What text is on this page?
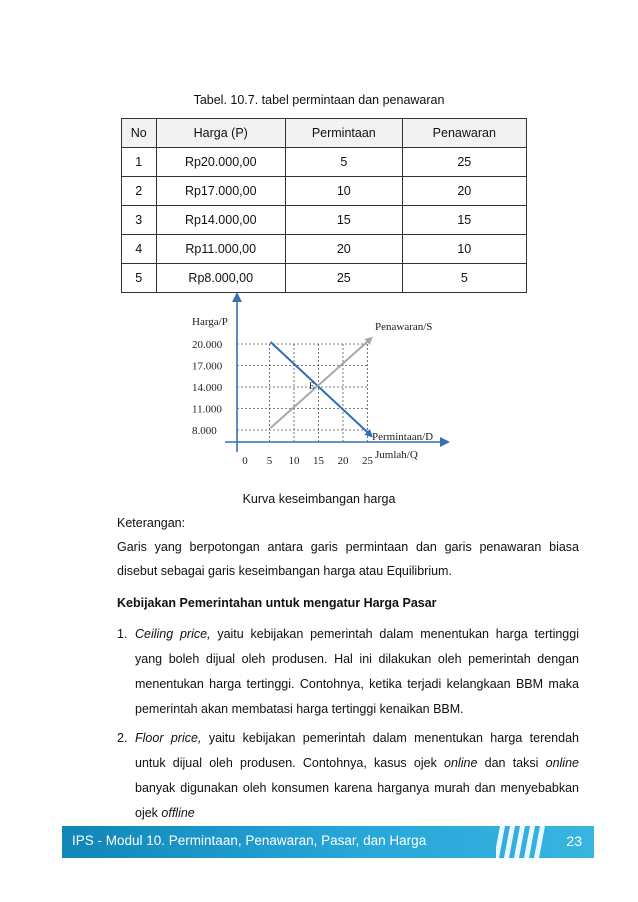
Tabel. 10.7. tabel permintaan dan penawaran
No	Harga (P)	Permintaan	Penawaran
1	Rp20.000,00	5	25
2	Rp17.000,00	10	20
3	Rp14.000,00	15	15
4	Rp11.000,00	20	10
5	Rp8.000,00	25	5
20.000
17.000
14.000
11.000
8.000
0 5 10 15 20 25
Harga/P
Jumlah/Q
Penawaran/S
Permintaan/D
E
Kurva keseimbangan harga
Keterangan:
Garis yang berpotongan antara garis permintaan dan garis penawaran biasa disebut sebagai garis keseimbangan harga atau Equilibrium.
Kebijakan Pemerintahan untuk mengatur Harga Pasar
1. Ceiling price, yaitu kebijakan pemerintah dalam menentukan harga tertinggi yang boleh dijual oleh produsen. Hal ini dilakukan oleh pemerintah dengan menentukan harga tertinggi. Contohnya, ketika terjadi kelangkaan BBM maka pemerintah akan membatasi harga tertinggi kenaikan BBM.
2. Floor price, yaitu kebijakan pemerintah dalam menentukan harga terendah untuk dijual oleh produsen. Contohnya, kasus ojek online dan taksi online banyak digunakan oleh konsumen karena harganya murah dan menyebabkan ojek offline
IPS - Modul 10. Permintaan, Penawaran, Pasar, dan Harga	23
